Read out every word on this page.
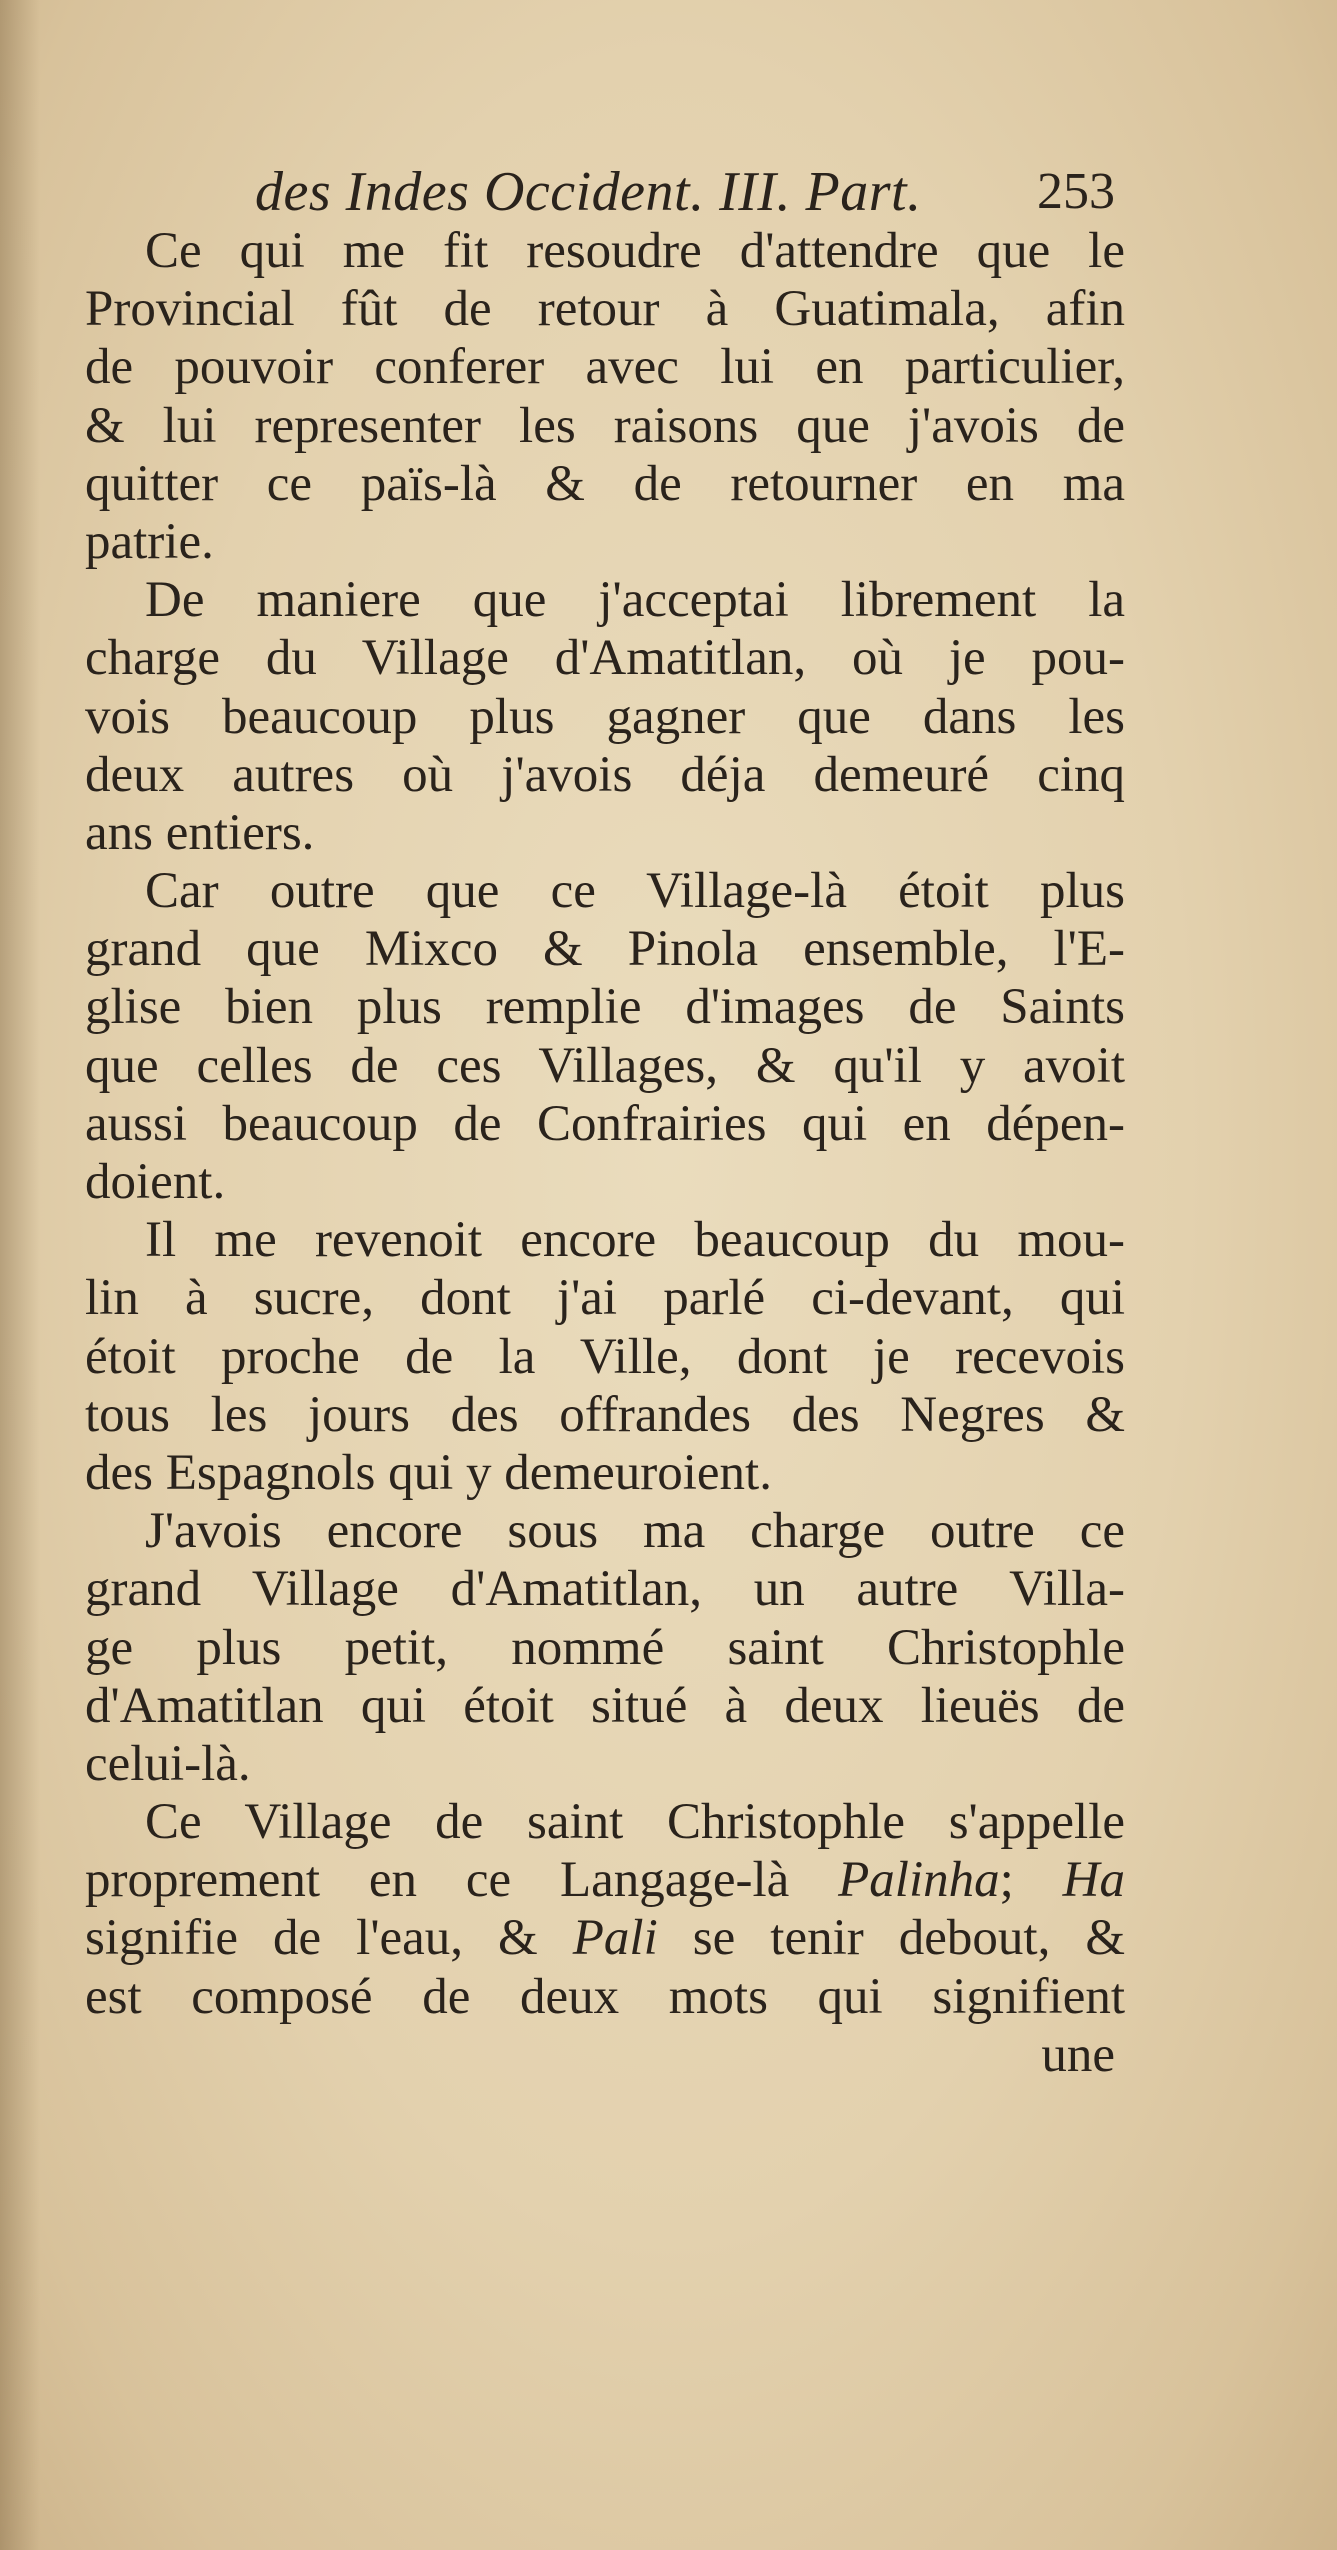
des Indes Occident. III. Part. 253
Ce qui me fit resoudre d'attendre que le
Provincial fût de retour à Guatimala, afin
de pouvoir conferer avec lui en particulier,
& lui representer les raisons que j'avois de
quitter ce païs-là & de retourner en ma
patrie.
De maniere que j'acceptai librement la
charge du Village d'Amatitlan, où je pou-
vois beaucoup plus gagner que dans les
deux autres où j'avois déja demeuré cinq
ans entiers.
Car outre que ce Village-là étoit plus
grand que Mixco & Pinola ensemble, l'E-
glise bien plus remplie d'images de Saints
que celles de ces Villages, & qu'il y avoit
aussi beaucoup de Confrairies qui en dépen-
doient.
Il me revenoit encore beaucoup du mou-
lin à sucre, dont j'ai parlé ci-devant, qui
étoit proche de la Ville, dont je recevois
tous les jours des offrandes des Negres &
des Espagnols qui y demeuroient.
J'avois encore sous ma charge outre ce
grand Village d'Amatitlan, un autre Villa-
ge plus petit, nommé saint Christophle
d'Amatitlan qui étoit situé à deux lieuës de
celui-là.
Ce Village de saint Christophle s'appelle
proprement en ce Langage-là Palinha; Ha
signifie de l'eau, & Pali se tenir debout, &
est composé de deux mots qui signifient
une
